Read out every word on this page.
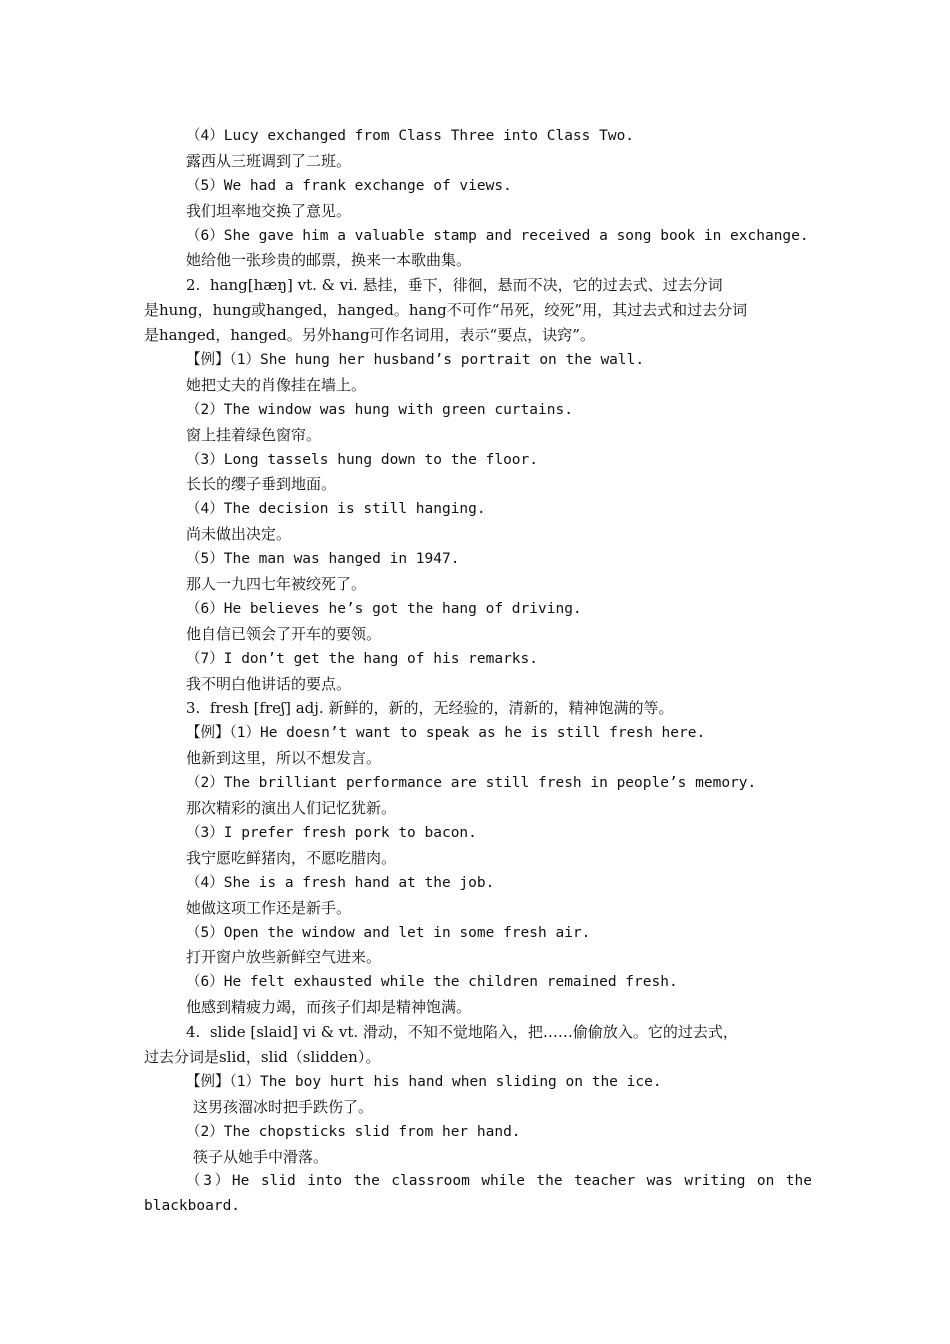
（4）Lucy exchanged from Class Three into Class Two.
露西从三班调到了二班。
（5）We had a frank exchange of views.
我们坦率地交换了意见。
（6）She gave him a valuable stamp and received a song book in exchange.
她给他一张珍贵的邮票，换来一本歌曲集。
2.  hang[hæŋ] vt. & vi. 悬挂，垂下，徘徊，悬而不决，它的过去式、过去分词
是hung，hung或hanged，hanged。hang不可作“吊死，绞死”用，其过去式和过去分词
是hanged，hanged。另外hang可作名词用，表示“要点，诀窍”。
【例】（1）She hung her husband’s portrait on the wall.
她把丈夫的肖像挂在墙上。
（2）The window was hung with green curtains.
窗上挂着绿色窗帘。
（3）Long tassels hung down to the floor.
长长的缨子垂到地面。
（4）The decision is still hanging.
尚未做出决定。
（5）The man was hanged in 1947.
那人一九四七年被绞死了。
（6）He believes he’s got the hang of driving.
他自信已领会了开车的要领。
（7）I don’t get the hang of his remarks.
我不明白他讲话的要点。
3.  fresh [freʃ] adj. 新鲜的，新的，无经验的，清新的，精神饱满的等。
【例】（1）He doesn’t want to speak as he is still fresh here.
他新到这里，所以不想发言。
（2）The brilliant performance are still fresh in people’s memory.
那次精彩的演出人们记忆犹新。
（3）I prefer fresh pork to bacon.
我宁愿吃鲜猪肉，不愿吃腊肉。
（4）She is a fresh hand at the job.
她做这项工作还是新手。
（5）Open the window and let in some fresh air.
打开窗户放些新鲜空气进来。
（6）He felt exhausted while the children remained fresh.
他感到精疲力竭，而孩子们却是精神饱满。
4.  slide [slaid] vi & vt. 滑动，不知不觉地陷入，把……偷偷放入。它的过去式，
过去分词是slid，slid（slidden）。
【例】（1）The boy hurt his hand when sliding on the ice.
这男孩溜冰时把手跌伤了。
（2）The chopsticks slid from her hand.
筷子从她手中滑落。
（3）He slid into the classroom while the teacher was writing on the
blackboard.
